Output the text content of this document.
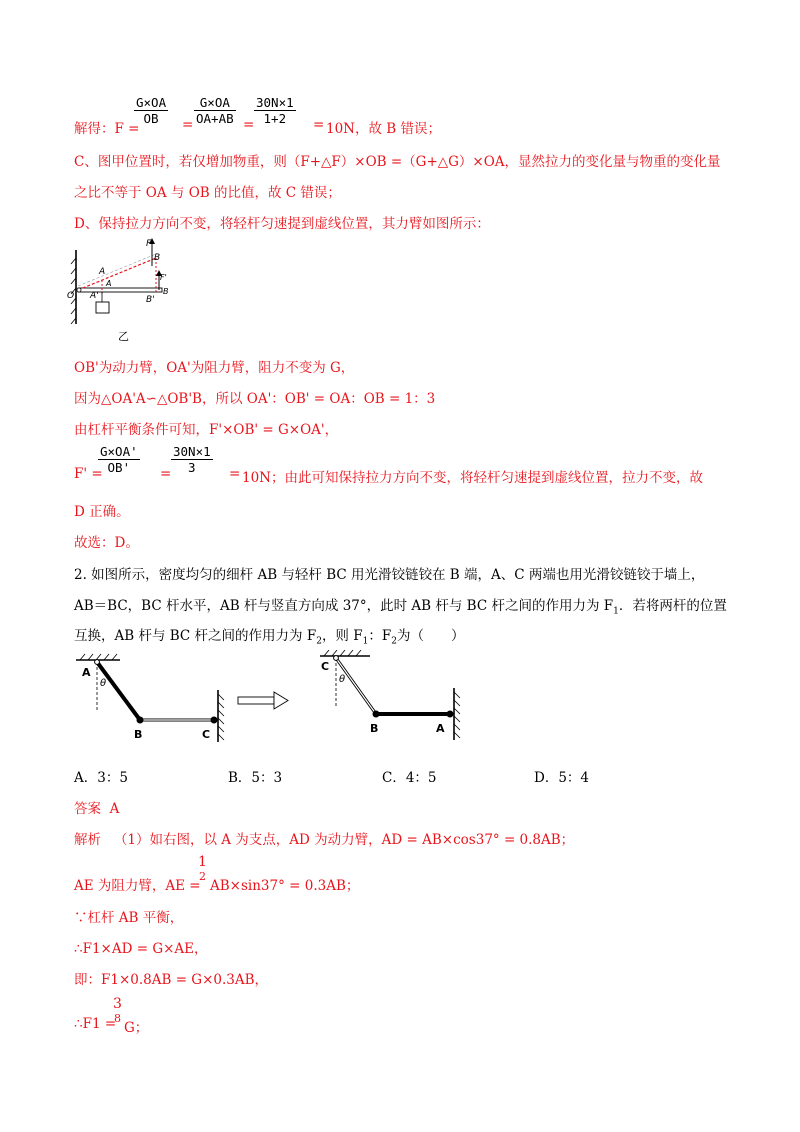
$\frac{G\times OA}{OB} \frac{G\times OA}{OA+AB} \frac{30N\times 1}{1+2}$
解得：F =	=	=	= 10N，故 B 错误；
C、图甲位置时，若仅增加物重，则（F+△F）×OB =（G+△G）×OA，显然拉力的变化量与物重的变化量
之比不等于 OA 与 OB 的比值，故 C 错误；
D、保持拉力方向不变，将轻杆匀速提到虚线位置，其力臂如图所示：
F
B
F'
A
A
A'
O	B'
B
乙
OB'为动力臂，OA'为阻力臂，阻力不变为 G，
因为△OA'A∽△OB'B，所以 OA'：OB' = OA：OB = 1：3
由杠杆平衡条件可知，F'×OB' = G×OA'，
$\frac{G\times OA'}{OB'}$	$\frac{30N\times 1}{3}$
F' =	=	= 10N；由此可知保持拉力方向不变，将轻杆匀速提到虚线位置，拉力不变，故
D 正确。
故选：D。
2. 如图所示，密度均匀的细杆 AB 与轻杆 BC 用光滑铰链铰在 B 端，A、C 两端也用光滑铰链铰于墙上，
AB＝BC，BC 杆水平，AB 杆与竖直方向成 37°，此时 AB 杆与 BC 杆之间的作用力为 $F_1$．若将两杆的位置
互换，AB 杆与 BC 杆之间的作用力为 $F_2$，则 $F_1$：$F_2$为（　　）
A
θ
B	C
C
θ
B	A
A．3：5	B．5：3	C．4：5	D．5：4
答案 A
解析 （1）如右图，以 A 为支点，AD 为动力臂，AD = AB×cos37° = 0.8AB；
AE 为阻力臂，AE =
1
2
AB×sin37° = 0.3AB；
∵杠杆 AB 平衡，
∴F1×AD = G×AE，
即：F1×0.8AB = G×0.3AB，
∴F1 =
3
8
G；
